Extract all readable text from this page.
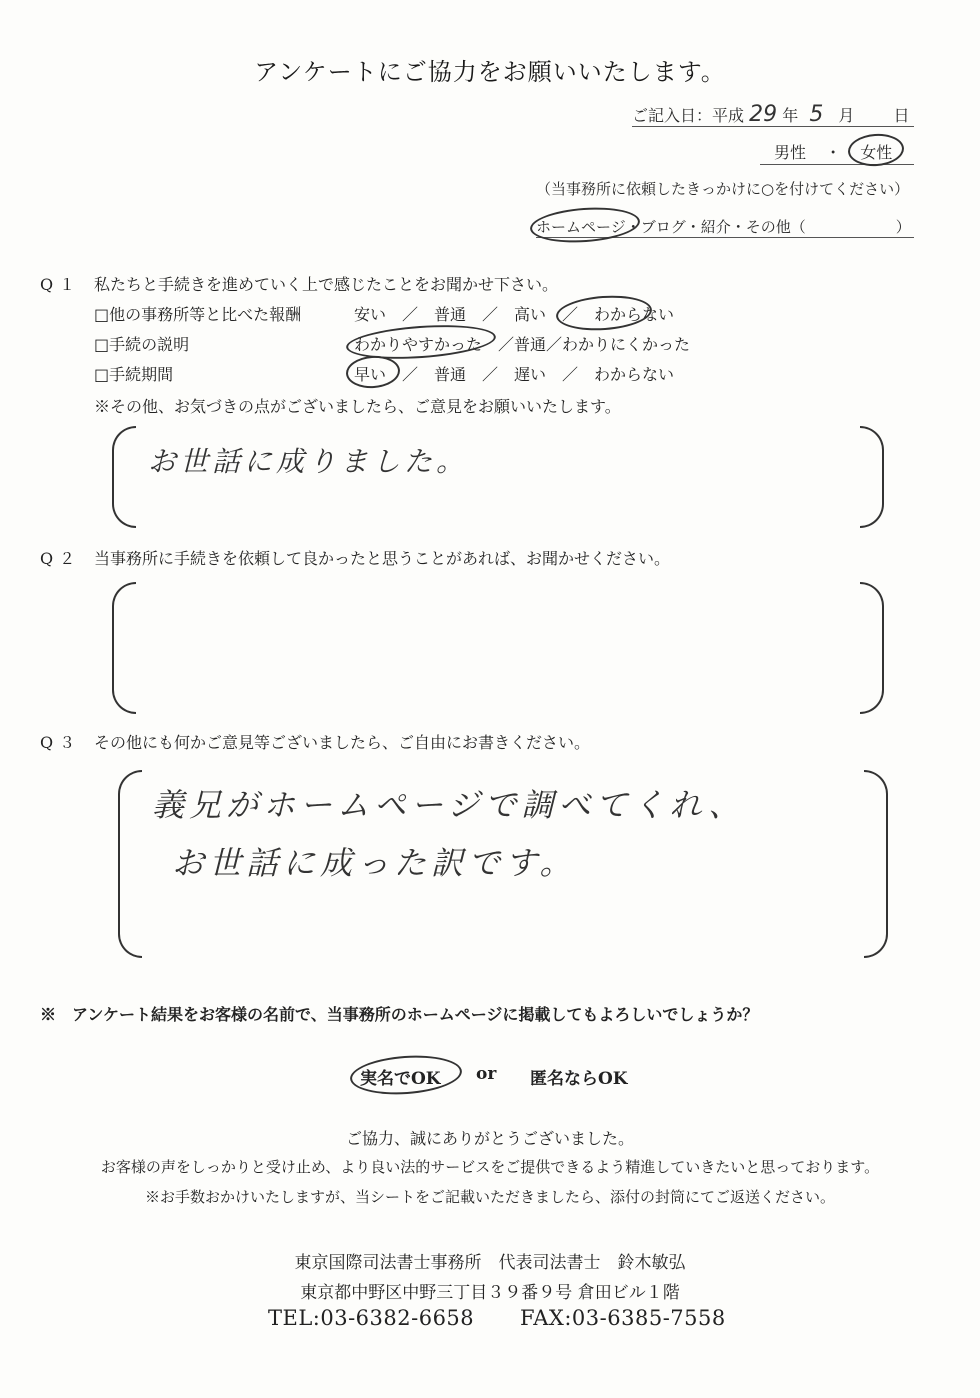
アンケートにご協力をお願いいたします。
ご記入日：平成 29 年 5 月 日
男性 ・ 女性
（当事務所に依頼したきっかけに○を付けてください）
ホームページ・ブログ・紹介・その他（　　　　　　）
Q１ 私たちと手続きを進めていく上で感じたことをお聞かせ下さい。
□他の事務所等と比べた報酬	安い　／　普通　／　高い　／　わからない
□手続の説明	わかりやすかった　／普通／わかりにくかった
□手続期間	早い　／　普通　／　遅い　／　わからない
※その他、お気づきの点がございましたら、ご意見をお願いいたします。
お世話に成りました。
Q２ 当事務所に手続きを依頼して良かったと思うことがあれば、お聞かせください。
Q３ その他にも何かご意見等ございましたら、ご自由にお書きください。
義兄がホームページで調べてくれ、
お世話に成った訳です。
※　アンケート結果をお客様の名前で、当事務所のホームページに掲載してもよろしいでしょうか？
実名でOK or 匿名ならOK
ご協力、誠にありがとうございました。
お客様の声をしっかりと受け止め、より良い法的サービスをご提供できるよう精進していきたいと思っております。
※お手数おかけいたしますが、当シートをご記載いただきましたら、添付の封筒にてご返送ください。
東京国際司法書士事務所　代表司法書士　鈴木敏弘
東京都中野区中野三丁目３９番９号 倉田ビル１階
TEL:03-6382-6658 FAX:03-6385-7558
